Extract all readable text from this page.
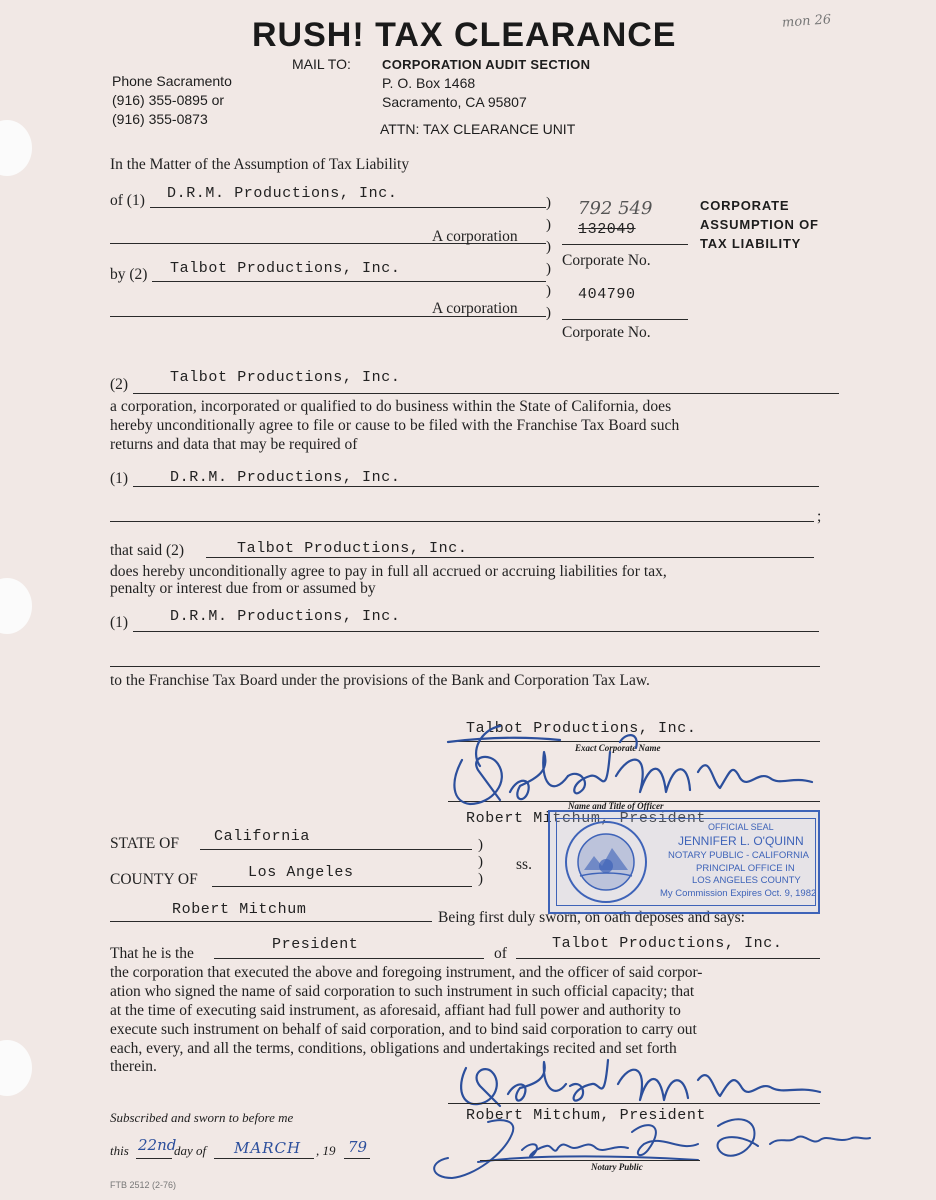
mon 26
RUSH! TAX CLEARANCE
MAIL TO: CORPORATION AUDIT SECTION
P. O. Box 1468
Sacramento, CA 95807
ATTN: TAX CLEARANCE UNIT
Phone Sacramento
(916) 355-0895 or
(916) 355-0873
In the Matter of the Assumption of Tax Liability
of (1) D.R.M. Productions, Inc.
A corporation
by (2) Talbot Productions, Inc.
A corporation
)
)
)
)
)
)
792 549
132049
Corporate No.
404790
Corporate No.
CORPORATE
ASSUMPTION OF
TAX LIABILITY
(2)	Talbot Productions, Inc.
a corporation, incorporated or qualified to do business within the State of California, does
hereby unconditionally agree to file or cause to be filed with the Franchise Tax Board such
returns and data that may be required of
(1)	D.R.M. Productions, Inc.
;
that said (2)	Talbot Productions, Inc.
does hereby unconditionally agree to pay in full all accrued or accruing liabilities for tax,
penalty or interest due from or assumed by
(1)	D.R.M. Productions, Inc.
to the Franchise Tax Board under the provisions of the Bank and Corporation Tax Law.
Talbot Productions, Inc.
Exact Corporate Name
Name and Title of Officer
Robert Mitchum, President
STATE OF California
COUNTY OF	Los Angeles
)
)
)
ss.
Robert Mitchum	Being first duly sworn, on oath deposes and says:
That he is the
President
of
Talbot Productions, Inc.
the corporation that executed the above and foregoing instrument, and the officer of said corpor-
ation who signed the name of said corporation to such instrument in such official capacity; that
at the time of executing said instrument, as aforesaid, affiant had full power and authority to
execute such instrument on behalf of said corporation, and to bind said corporation to carry out
each, every, and all the terms, conditions, obligations and undertakings recited and set forth
therein.
OFFICIAL SEAL
JENNIFER L. O'QUINN
NOTARY PUBLIC - CALIFORNIA
PRINCIPAL OFFICE IN
LOS ANGELES COUNTY
My Commission Expires Oct. 9, 1982
Robert Mitchum, President
Subscribed and sworn to before me
this 22nd
day of MARCH , 19 79
Notary Public
FTB 2512 (2-76)
